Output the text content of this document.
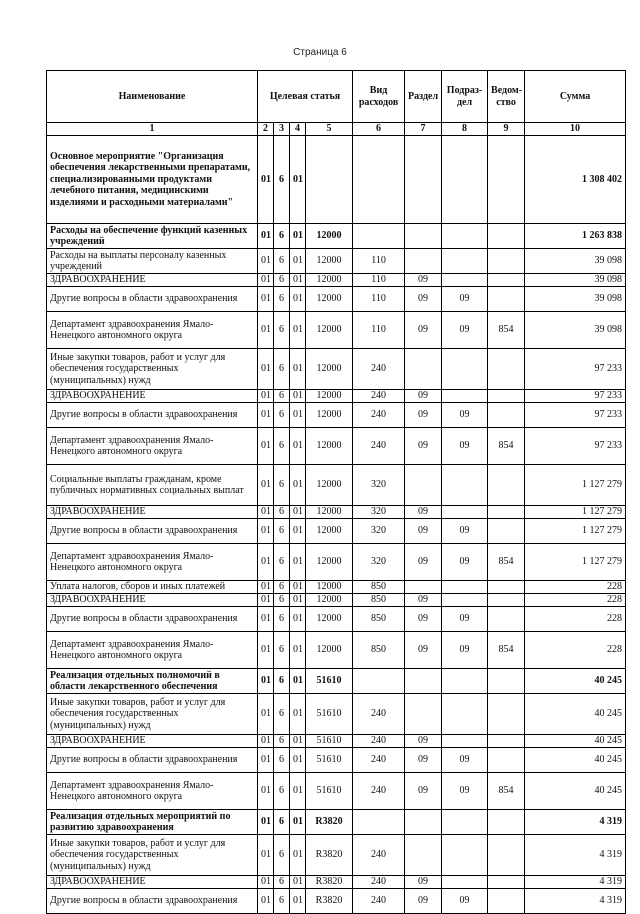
Страница 6
Наименование	Целевая статья				Вид расходов	Раздел	Подраз-дел	Ведом-ство	Сумма
1	2	3	4	5	6	7	8	9	10
Основное мероприятие "Организация обеспечения лекарственными препаратами, специализированными продуктами лечебного питания, медицинскими изделиями и расходными материалами"	01	6	01						1 308 402
Расходы на обеспечение функций казенных учреждений	01	6	01	12000					1 263 838
Расходы на выплаты персоналу казенных учреждений	01	6	01	12000	110				39 098
ЗДРАВООХРАНЕНИЕ	01	6	01	12000	110	09			39 098
Другие вопросы в области здравоохранения	01	6	01	12000	110	09	09		39 098
Департамент здравоохранения Ямало-Ненецкого автономного округа	01	6	01	12000	110	09	09	854	39 098
Иные закупки товаров, работ и услуг для обеспечения государственных (муниципальных) нужд	01	6	01	12000	240				97 233
ЗДРАВООХРАНЕНИЕ	01	6	01	12000	240	09			97 233
Другие вопросы в области здравоохранения	01	6	01	12000	240	09	09		97 233
Департамент здравоохранения Ямало-Ненецкого автономного округа	01	6	01	12000	240	09	09	854	97 233
Социальные выплаты гражданам, кроме публичных нормативных социальных выплат	01	6	01	12000	320				1 127 279
ЗДРАВООХРАНЕНИЕ	01	6	01	12000	320	09			1 127 279
Другие вопросы в области здравоохранения	01	6	01	12000	320	09	09		1 127 279
Департамент здравоохранения Ямало-Ненецкого автономного округа	01	6	01	12000	320	09	09	854	1 127 279
Уплата налогов, сборов и иных платежей	01	6	01	12000	850				228
ЗДРАВООХРАНЕНИЕ	01	6	01	12000	850	09			228
Другие вопросы в области здравоохранения	01	6	01	12000	850	09	09		228
Департамент здравоохранения Ямало-Ненецкого автономного округа	01	6	01	12000	850	09	09	854	228
Реализация отдельных полномочий в области лекарственного обеспечения	01	6	01	51610					40 245
Иные закупки товаров, работ и услуг для обеспечения государственных (муниципальных) нужд	01	6	01	51610	240				40 245
ЗДРАВООХРАНЕНИЕ	01	6	01	51610	240	09			40 245
Другие вопросы в области здравоохранения	01	6	01	51610	240	09	09		40 245
Департамент здравоохранения Ямало-Ненецкого автономного округа	01	6	01	51610	240	09	09	854	40 245
Реализация отдельных мероприятий по развитию здравоохранения	01	6	01	R3820					4 319
Иные закупки товаров, работ и услуг для обеспечения государственных (муниципальных) нужд	01	6	01	R3820	240				4 319
ЗДРАВООХРАНЕНИЕ	01	6	01	R3820	240	09			4 319
Другие вопросы в области здравоохранения	01	6	01	R3820	240	09	09		4 319
